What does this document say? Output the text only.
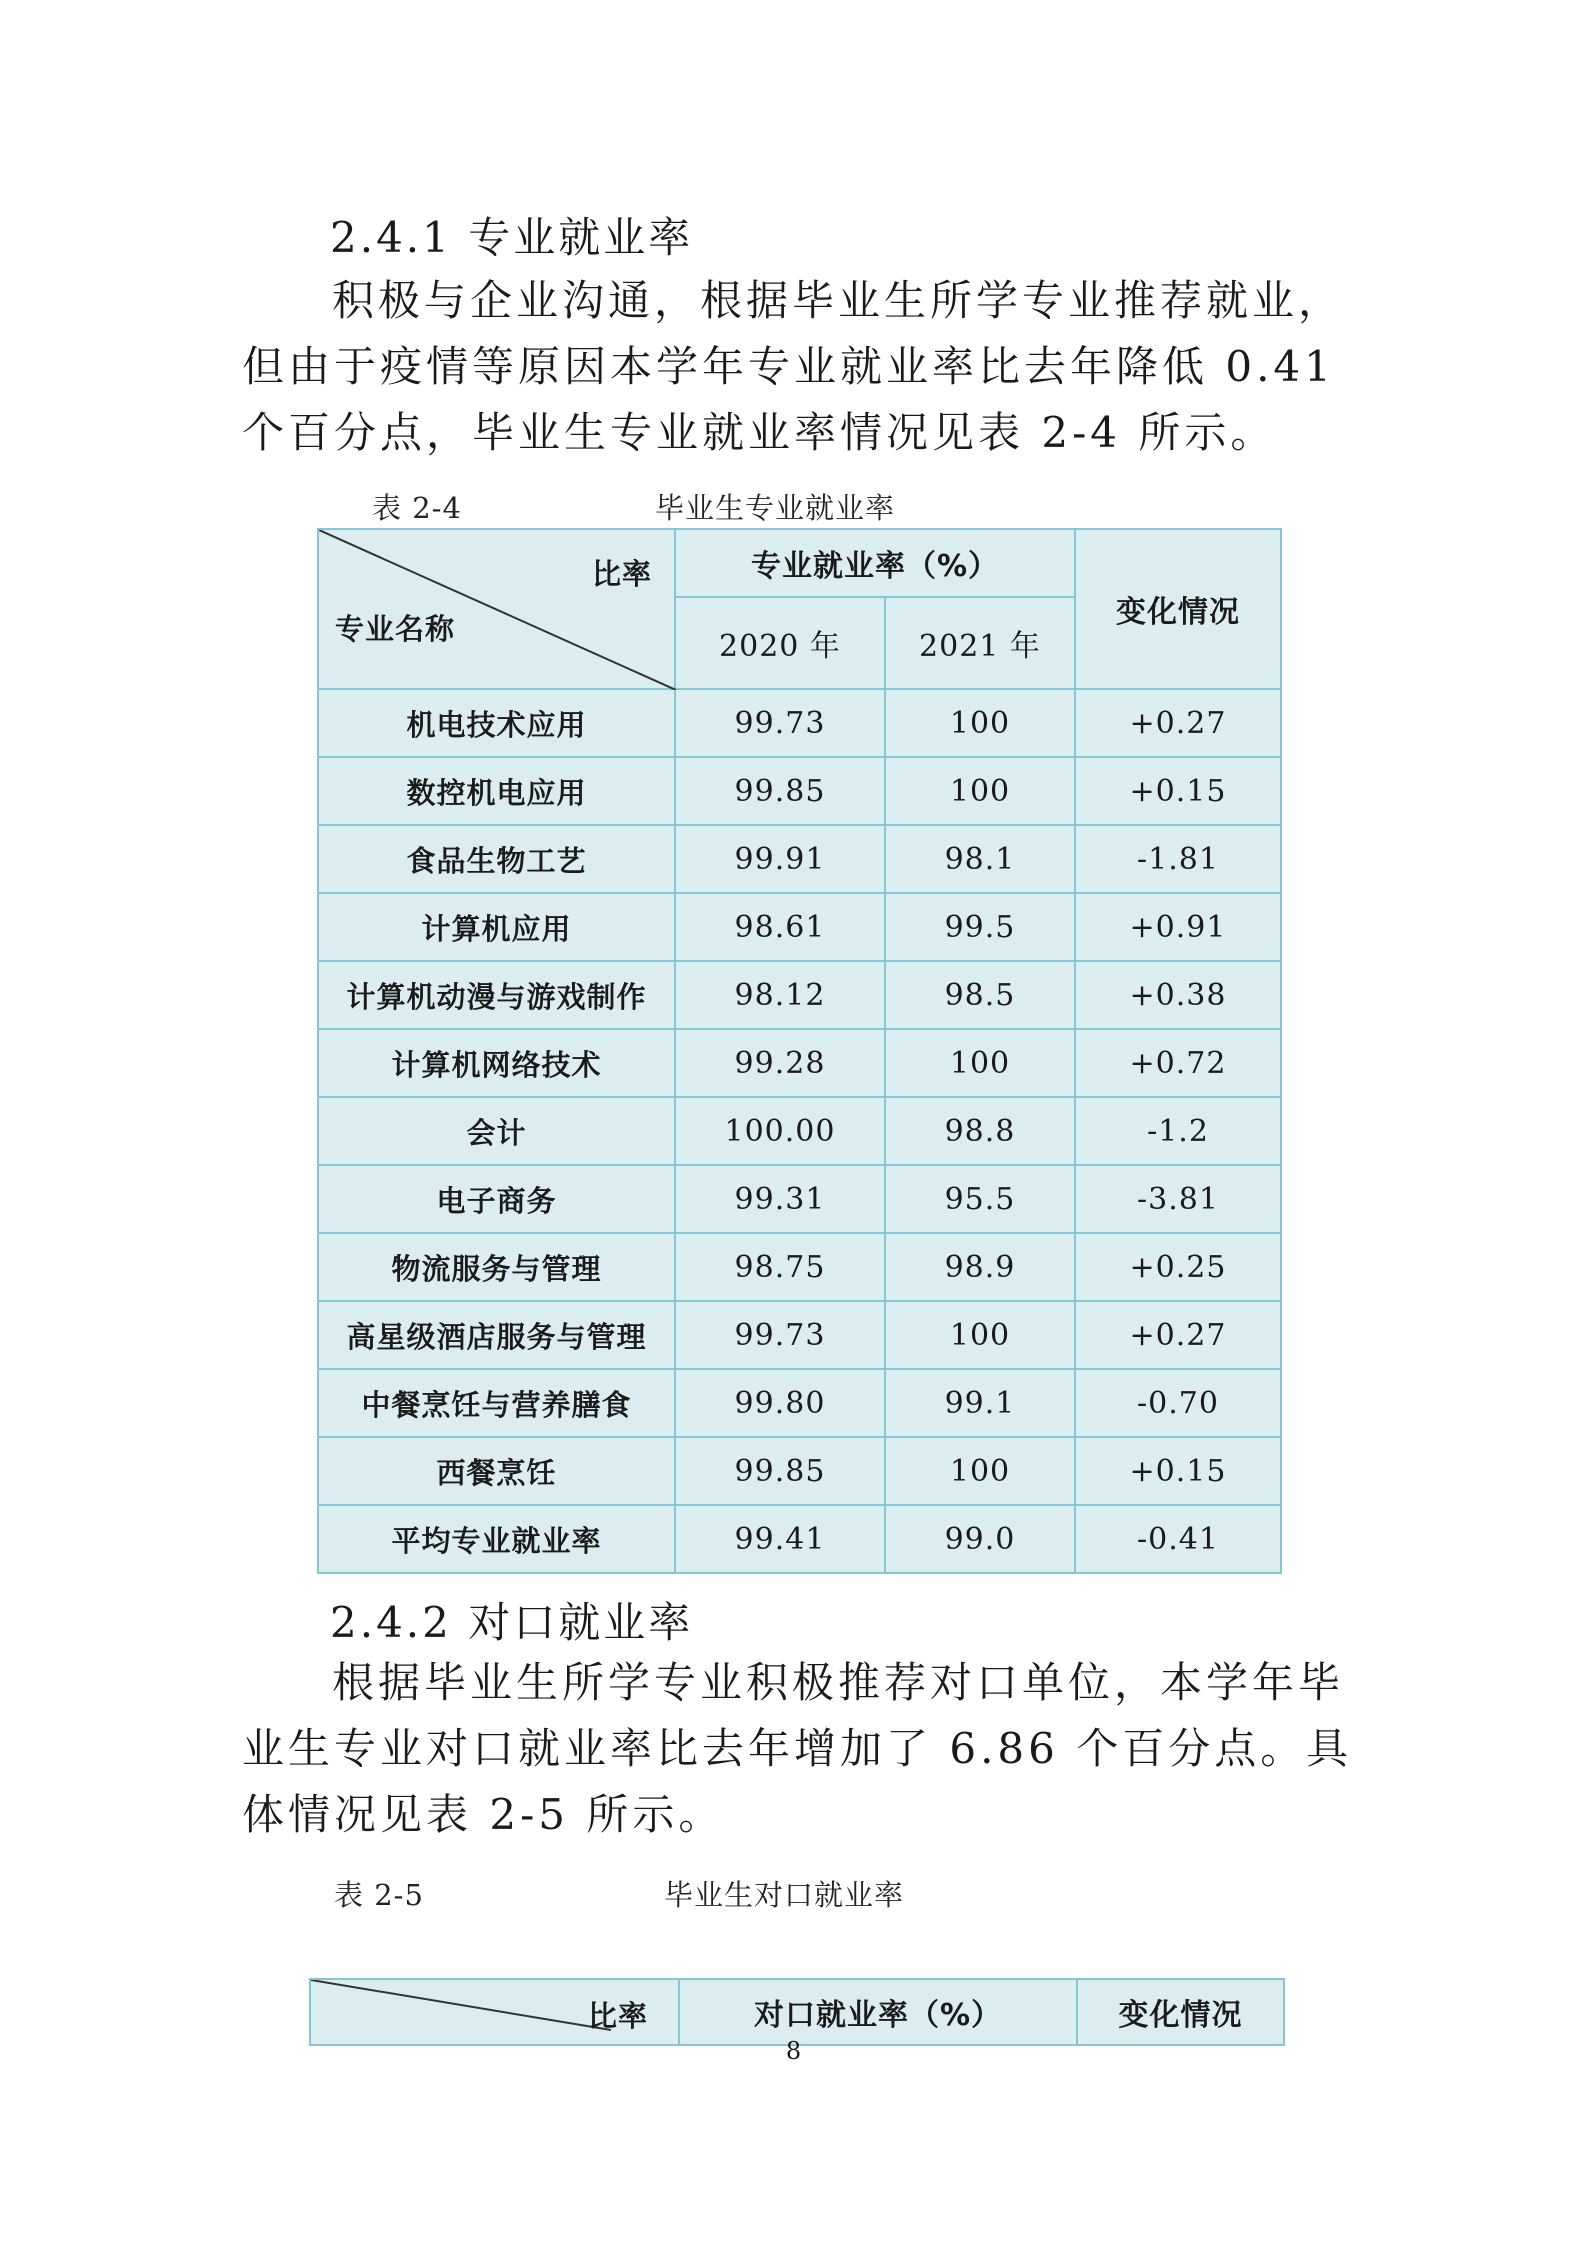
2.4.1 专业就业率
积极与企业沟通，根据毕业生所学专业推荐就业，但由于疫情等原因本学年专业就业率比去年降低 0.41 个百分点，毕业生专业就业率情况见表 2-4 所示。
表 2-4	毕业生专业就业率
比率
专业名称	专业就业率（%）		变化情况
	2020 年	2021 年	
机电技术应用	99.73	100	+0.27
数控机电应用	99.85	100	+0.15
食品生物工艺	99.91	98.1	-1.81
计算机应用	98.61	99.5	+0.91
计算机动漫与游戏制作	98.12	98.5	+0.38
计算机网络技术	99.28	100	+0.72
会计	100.00	98.8	-1.2
电子商务	99.31	95.5	-3.81
物流服务与管理	98.75	98.9	+0.25
高星级酒店服务与管理	99.73	100	+0.27
中餐烹饪与营养膳食	99.80	99.1	-0.70
西餐烹饪	99.85	100	+0.15
平均专业就业率	99.41	99.0	-0.41
2.4.2 对口就业率
根据毕业生所学专业积极推荐对口单位，本学年毕业生专业对口就业率比去年增加了 6.86 个百分点。具体情况见表 2-5 所示。
表 2-5	毕业生对口就业率
比率	对口就业率（%）	变化情况
8
